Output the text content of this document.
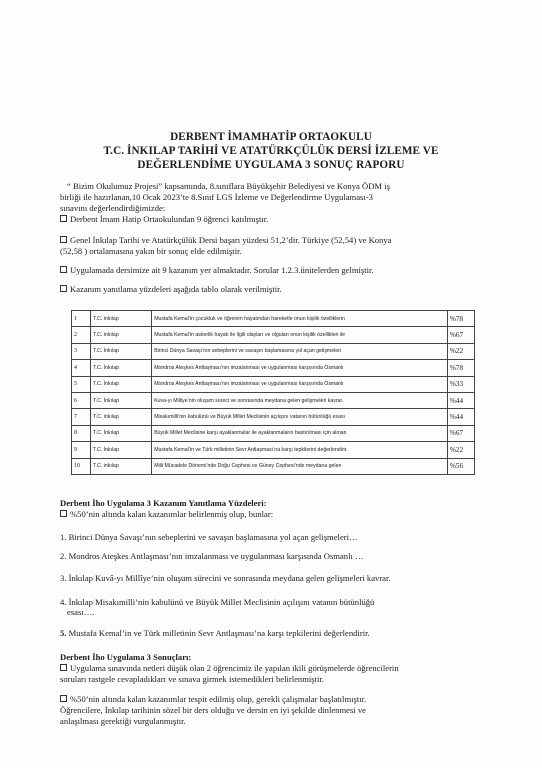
DERBENT İMAMHATİP ORTAOKULU
T.C. İNKILAP TARİHİ VE ATATÜRKÇÜLÜK DERSİ İZLEME VE
DEĞERLENDİME UYGULAMA 3 SONUÇ RAPORU
“ Bizim Okulumuz Projesi” kapsamında, 8.sınıflara Büyükşehir Belediyesi ve Konya ÖDM iş
birliği ile hazırlanan,10 Ocak 2023’te 8.Sınıf LGS İzleme ve Değerlendirme Uygulaması-3
sınavını değerlendirdiğimizde:
Derbent İmam Hatip Ortaokulundan 9 öğrenci katılmıştır.
Genel İnkılap Tarihi ve Atatürkçülük Dersi başarı yüzdesi 51,2’dir. Türkiye (52,54) ve Konya
(52,58 ) ortalamasına yakın bir sonuç elde edilmiştir.
Uygulamada dersimize ait 9 kazanım yer almaktadır. Sorular 1.2.3.ünitelerden gelmiştir.
Kazanım yanıtlama yüzdeleri aşağıda tablo olarak verilmiştir.
1	T.C. inkılap	Mustafa Kemal’in çocukluk ve öğrenim hayatından hareketle onun kişilik özelliklerin	%78
2	T.C. inkılap	Mustafa Kemal’in askerlik hayatı ile ilgili olayları ve olguları onun kişilik özellikleri ile	%67
3	T.C. İnkılap	Birinci Dünya Savaşı’nın sebeplerini ve savaşın başlamasına yol açan gelişmeleri	%22
4	T.C. İnkılap	Mondros Ateşkes Antlaşması’nın imzalanması ve uygulanması karşısında Osmanlı	%78
5	T.C. İnkılap	Mondros Ateşkes Antlaşması’nın imzalanması ve uygulanması karşısında Osmanlı	%33
6	T.C. İnkılap	Kuva-yı Milliye’nin oluşum süreci ve sonrasında meydana gelen gelişmeleri kavrar.	%44
7	T.C. inkılap	Misakımilli’nin kabulünü ve Büyük Millet Meclisinin açılışını vatanın bütünlüğü esası	%44
8	T.C. İnkılap	Büyük Millet Meclisine karşı ayaklanmalar ile ayaklanmaların bastırılması için alınan	%67
9	T.C. İnkılap	Mustafa Kemal’in ve Türk milletinin Sevr Antlaşması’na karşı tepkilerini değerlendirir.	%22
10	T.C. inkılap	Milli Mücadele Dönemi’nde Doğu Cephesi ve Güney Cephesi’nde meydana gelen	%56
Derbent İho Uygulama 3 Kazanım Yanıtlama Yüzdeleri:
%50’nin altında kalan kazanımlar belirlenmiş olup, bunlar:
1. Birinci Dünya Savaşı’nın sebeplerini ve savaşın başlamasına yol açan gelişmeleri…
2. Mondros Ateşkes Antlaşması’nın imzalanması ve uygulanması karşısında Osmanlı …
3. İnkılap Kuvâ-yı Millîye’nin oluşum sürecini ve sonrasında meydana gelen gelişmeleri kavrar.
4. İnkılap Misakımilli’nin kabulünü ve Büyük Millet Meclisinin açılışını vatanın bütünlüğü
esası….
5. Mustafa Kemal’in ve Türk milletinin Sevr Antlaşması’na karşı tepkilerini değerlendirir.
Derbent İho Uygulama 3 Sonuçları:
Uygulama sınavında netleri düşük olan 2 öğrencimiz ile yapılan ikili görüşmelerde öğrencilerin
soruları rastgele cevapladıkları ve sınava girmek istemedikleri belirlenmiştir.
%50’nin altında kalan kazanımlar tespit edilmiş olup, gerekli çalışmalar başlatılmıştır.
Öğrencilere, İnkılap tarihinin sözel bir ders olduğu ve dersin en iyi şekilde dinlenmesi ve
anlaşılması gerektiği vurgulanmıştır.
